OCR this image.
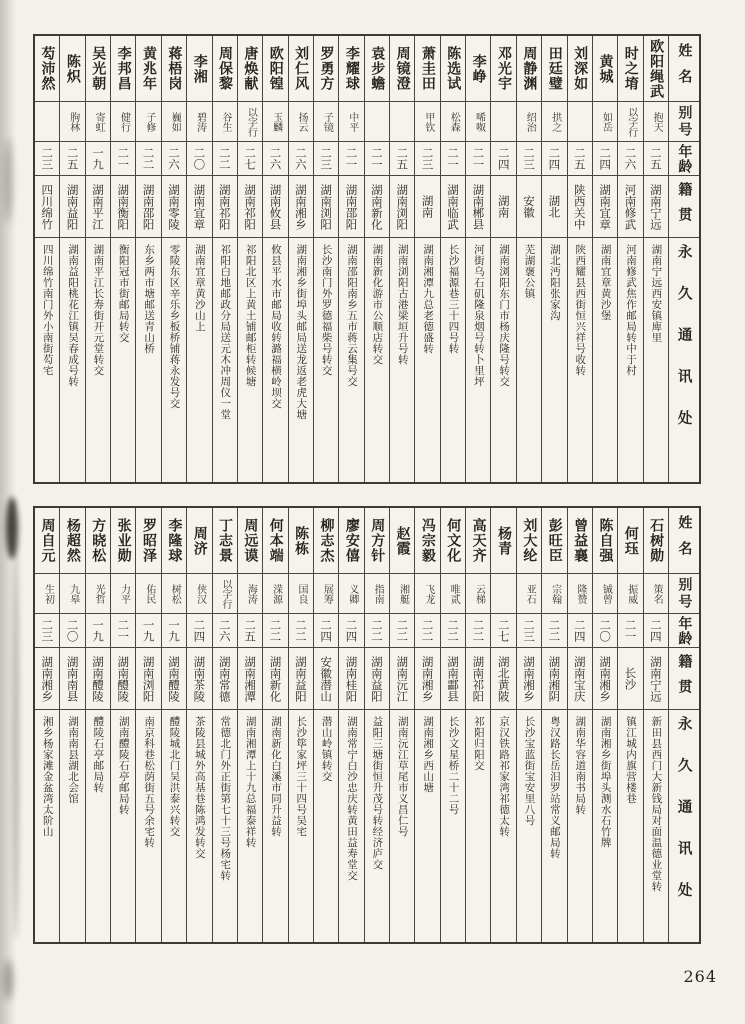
姓名
别号
年龄
籍贯
永久通讯处
欧阳绳武
抱天
二五
湖南宁远
湖南宁远西安镇庳里
时之堉
以字行
二六
河南修武
河南修武焦作邮局转中于村
黄城
如岳
二四
湖南宜章
湖南宜章黄沙堡
刘深如
二五
陕西关中
陕西耀县西街恒兴祥号收转
田廷璧
拱之
二四
湖北
湖北沔阳张家沟
周静渊
绍治
二三
安徽
芜湖褒公镇
邓光宇
二四
湖南
湖南浏阳东门市杨庆隆号转交
李峥
唏呶
二一
湖南郴县
河街乌石矶隆泉烟号转卜里坪
陈选试
松森
二一
湖南临武
长沙福源巷三十四号转
萧圭田
甲钦
二三
湖南
湖南湘潭九总老德盛转
周镜澄
二五
湖南浏阳
湖南浏阳古港梁垣升号转
袁步蟾
二一
湖南新化
湖南新化游市公顺店转交
李耀球
中平
二一
湖南邵阳
湖南邵阳南乡五市蒋云集号交
罗勇方
子镜
二三
湖南浏阳
长沙南门外罗德福柴号转交
刘仁风
扬云
二六
湖南湘乡
湖南湘乡街埠头邮局送龙返老虎大塘
欧阳锽
玉麟
二六
湖南攸县
攸县平水市邮局收转潞福横岭坝交
唐焕献
以字行
二七
湖南祁阳
祁阳北区上黄土铺邮柜转候塘
周保黎
谷生
二二
湖南祁阳
祁阳白地邮政分局送元木冲周仪一堂
李湘
碧涛
二〇
湖南宜章
湖南宜章黄沙山上
蒋梧岗
巍如
二六
湖南零陵
零陵东区辛乐乡板桥铺蒋永发号交
黄兆年
子修
二二
湖南邵阳
东乡两市塘邮送青山桥
李邦昌
健行
二一
湖南衡阳
衡阳冠市街邮局转交
吴光朝
寄虹
一九
湖南平江
湖南平江长寿街开元堂转交
陈炽
朐林
二五
湖南益阳
湖南益阳桃花江镇吴春成号转
芶沛然
二三
四川绵竹
四川绵竹南门外小南街芶宅
姓名
别号
年龄
籍贯
永久通讯处
石树勋
策名
二四
湖南宁远
新田县西门大新钱局对面温德业堂转
何珏
振威
二一
长沙
镇江城内旗营楼巷
陈自强
铖曾
二〇
湖南湘乡
湖南湘乡街埠头测水石竹牌
曾益襄
隆赞
二四
湖南宝庆
湖南华容道南书局转
彭旺臣
宗翰
二二
湖南湘阴
粤汉路长岳汨罗站常义邮局转
刘大纶
亚石
二三
湖南湘乡
长沙宝蓝街宝安里八号
杨青
二七
湖北黄陂
京汉铁路祁家湾祁德太转
高天齐
云梯
二二
湖南祁阳
祁阳归阳交
何文化
唯贰
二二
湖南酃县
长沙文星桥二十二号
冯宗毅
飞龙
二二
湖南湘乡
湖南湘乡西山塘
赵霞
湘艇
二二
湖南沅江
湖南沅江草尾市义昌仁号
周方针
指南
二二
湖南益阳
益阳三塘街恒升茂号转经济庐交
廖安僖
义卿
二四
湖南桂阳
湖南常宁白沙忠庆转黄田益寿堂交
柳志杰
展筹
二四
安徽潜山
潜山岭镇转交
陈栋
国良
二二
湖南益阳
长沙筚家坪三十四号吴宅
何本端
溁源
二二
湖南新化
湖南新化白溪市同升益转
周远谟
海涛
二五
湖南湘潭
湖南湘潭上十九总福泰祥转
丁志景
以字行
二六
湖南常德
常德北门外正街第七十三号杨宅转
周济
侠汉
二四
湖南茶陵
茶陵县城外高基巷陈鸿发转交
李隆球
树松
一九
湖南醴陵
醴陵城北门吴洪泰兴转交
罗昭泽
佑民
一九
湖南浏阳
南京科巷松荫街五号余宅转
张业勋
力平
二一
湖南醴陵
湖南醴陵石亭邮局转
方晓松
光哲
一九
湖南醴陵
醴陵石亭邮局转
杨超然
九皋
二〇
湖南南县
湖南南县湖北会馆
周自元
生初
二三
湖南湘乡
湘乡杨家滩金盆湾太阶山
264
